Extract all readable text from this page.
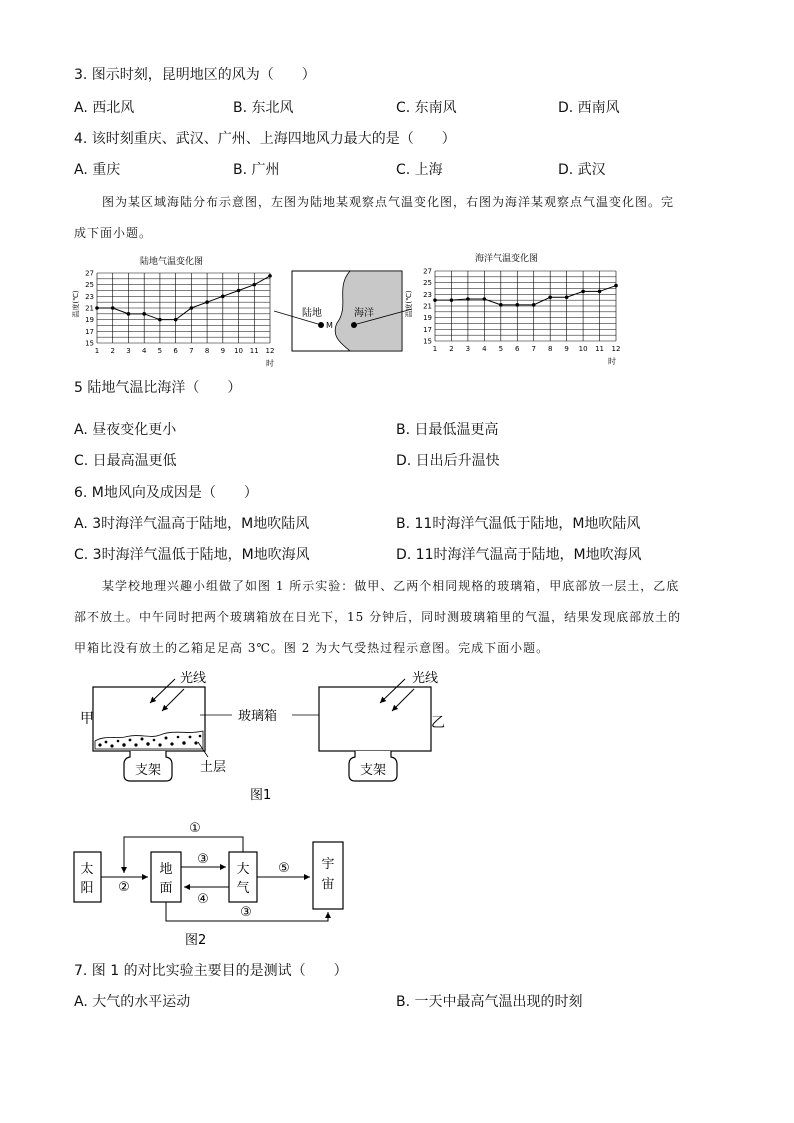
3. 图示时刻，昆明地区的风为（　　）
A. 西北风	B. 东北风	C. 东南风	D. 西南风
4. 该时刻重庆、武汉、广州、上海四地风力最大的是（　　）
A. 重庆	B. 广州	C. 上海	D. 武汉
图为某区域海陆分布示意图，左图为陆地某观察点气温变化图，右图为海洋某观察点气温变化图。完
成下面小题。
陆地气温变化图	海洋气温变化图
1 2 3 4 5 6 7 8 9 10 11 12
15
17
19
21
23
25
27
1 2 3 4 5 6 7 8 9 10 11 12
15
17
19
21
23
25
27
温度(℃)	温度(℃)
时	时
陆地	海洋
M
5 陆地气温比海洋（　　）
A. 昼夜变化更小	B. 日最低温更高
C. 日最高温更低	D. 日出后升温快
6. M地风向及成因是（　　）
A. 3时海洋气温高于陆地，M地吹陆风	B. 11时海洋气温低于陆地，M地吹陆风
C. 3时海洋气温低于陆地，M地吹海风	D. 11时海洋气温高于陆地，M地吹海风
某学校地理兴趣小组做了如图 1 所示实验：做甲、乙两个相同规格的玻璃箱，甲底部放一层土，乙底
部不放土。中午同时把两个玻璃箱放在日光下，15 分钟后，同时测玻璃箱里的气温，结果发现底部放土的
甲箱比没有放土的乙箱足足高 3℃。图 2 为大气受热过程示意图。完成下面小题。
支架
甲
光线
土层
玻璃箱
支架
乙
光线
图1
太
阳
地
面
大
气
宇
宙
②
③
④
⑤
①
③
图2
7. 图 1 的对比实验主要目的是测试（　　）
A. 大气的水平运动	B. 一天中最高气温出现的时刻
